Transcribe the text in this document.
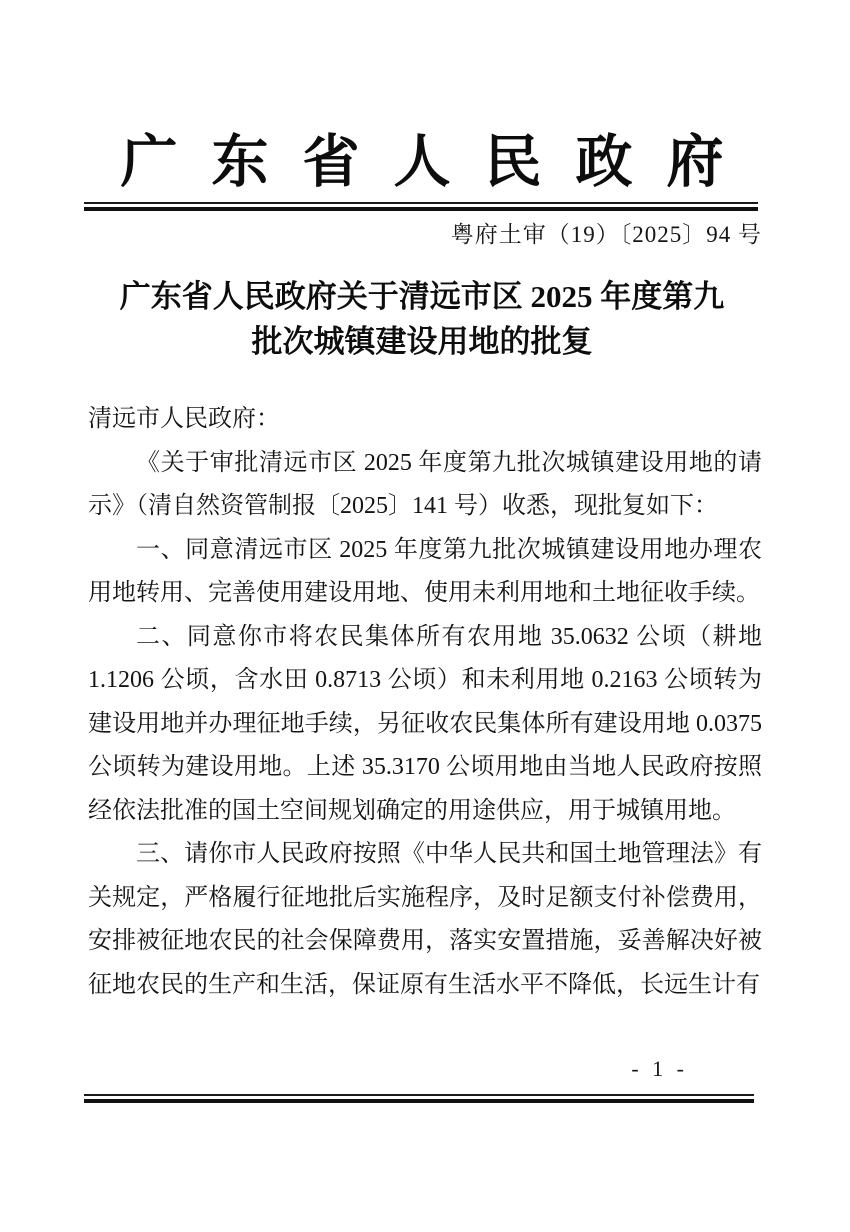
广东省人民政府
粤府土审（19）〔2025〕94 号
广东省人民政府关于清远市区 2025 年度第九
批次城镇建设用地的批复

清远市人民政府：

《关于审批清远市区 2025 年度第九批次城镇建设用地的请示》（清自然资管制报〔2025〕141 号）收悉，现批复如下：

一、同意清远市区 2025 年度第九批次城镇建设用地办理农用地转用、完善使用建设用地、使用未利用地和土地征收手续。

二、同意你市将农民集体所有农用地 35.0632 公顷（耕地 1.1206 公顷，含水田 0.8713 公顷）和未利用地 0.2163 公顷转为建设用地并办理征地手续，另征收农民集体所有建设用地 0.0375 公顷转为建设用地。上述 35.3170 公顷用地由当地人民政府按照经依法批准的国土空间规划确定的用途供应，用于城镇用地。

三、请你市人民政府按照《中华人民共和国土地管理法》有关规定，严格履行征地批后实施程序，及时足额支付补偿费用，安排被征地农民的社会保障费用，落实安置措施，妥善解决好被征地农民的生产和生活，保证原有生活水平不降低，长远生计有

- 1 -
